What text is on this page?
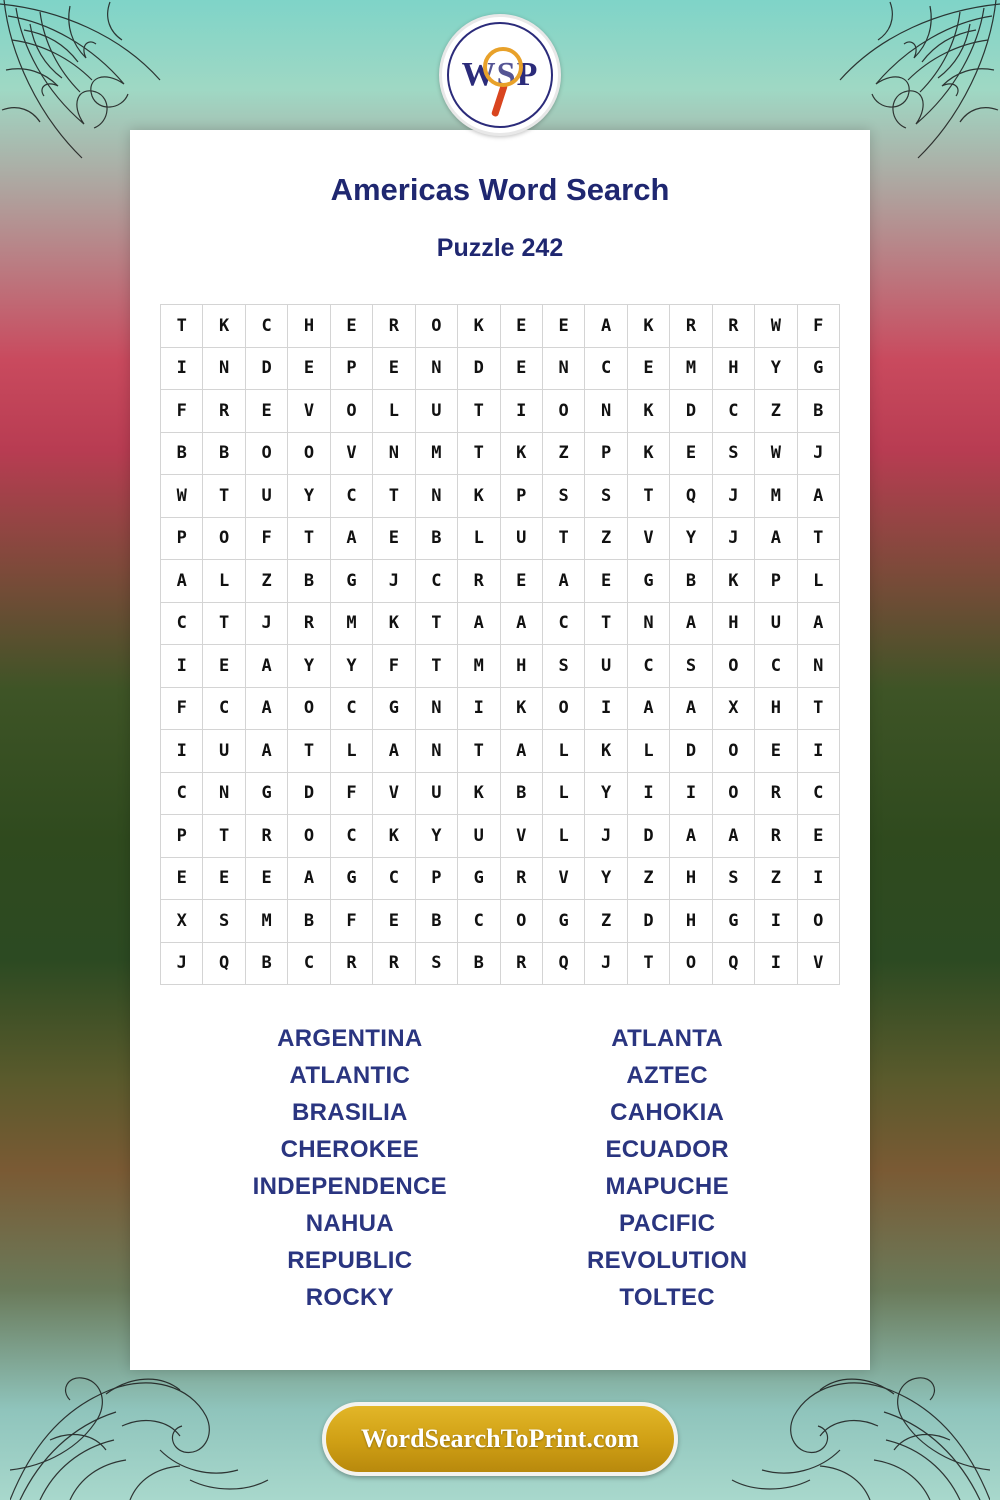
WSP
Americas Word Search
Puzzle 242
T	K	C	H	E	R	O	K	E	E	A	K	R	R	W	F
I	N	D	E	P	E	N	D	E	N	C	E	M	H	Y	G
F	R	E	V	O	L	U	T	I	O	N	K	D	C	Z	B
B	B	O	O	V	N	M	T	K	Z	P	K	E	S	W	J
W	T	U	Y	C	T	N	K	P	S	S	T	Q	J	M	A
P	O	F	T	A	E	B	L	U	T	Z	V	Y	J	A	T
A	L	Z	B	G	J	C	R	E	A	E	G	B	K	P	L
C	T	J	R	M	K	T	A	A	C	T	N	A	H	U	A
I	E	A	Y	Y	F	T	M	H	S	U	C	S	O	C	N
F	C	A	O	C	G	N	I	K	O	I	A	A	X	H	T
I	U	A	T	L	A	N	T	A	L	K	L	D	O	E	I
C	N	G	D	F	V	U	K	B	L	Y	I	I	O	R	C
P	T	R	O	C	K	Y	U	V	L	J	D	A	A	R	E
E	E	E	A	G	C	P	G	R	V	Y	Z	H	S	Z	I
X	S	M	B	F	E	B	C	O	G	Z	D	H	G	I	O
J	Q	B	C	R	R	S	B	R	Q	J	T	O	Q	I	V
ARGENTINA
ATLANTIC
BRASILIA
CHEROKEE
INDEPENDENCE
NAHUA
REPUBLIC
ROCKY
ATLANTA
AZTEC
CAHOKIA
ECUADOR
MAPUCHE
PACIFIC
REVOLUTION
TOLTEC
WordSearchToPrint.com
